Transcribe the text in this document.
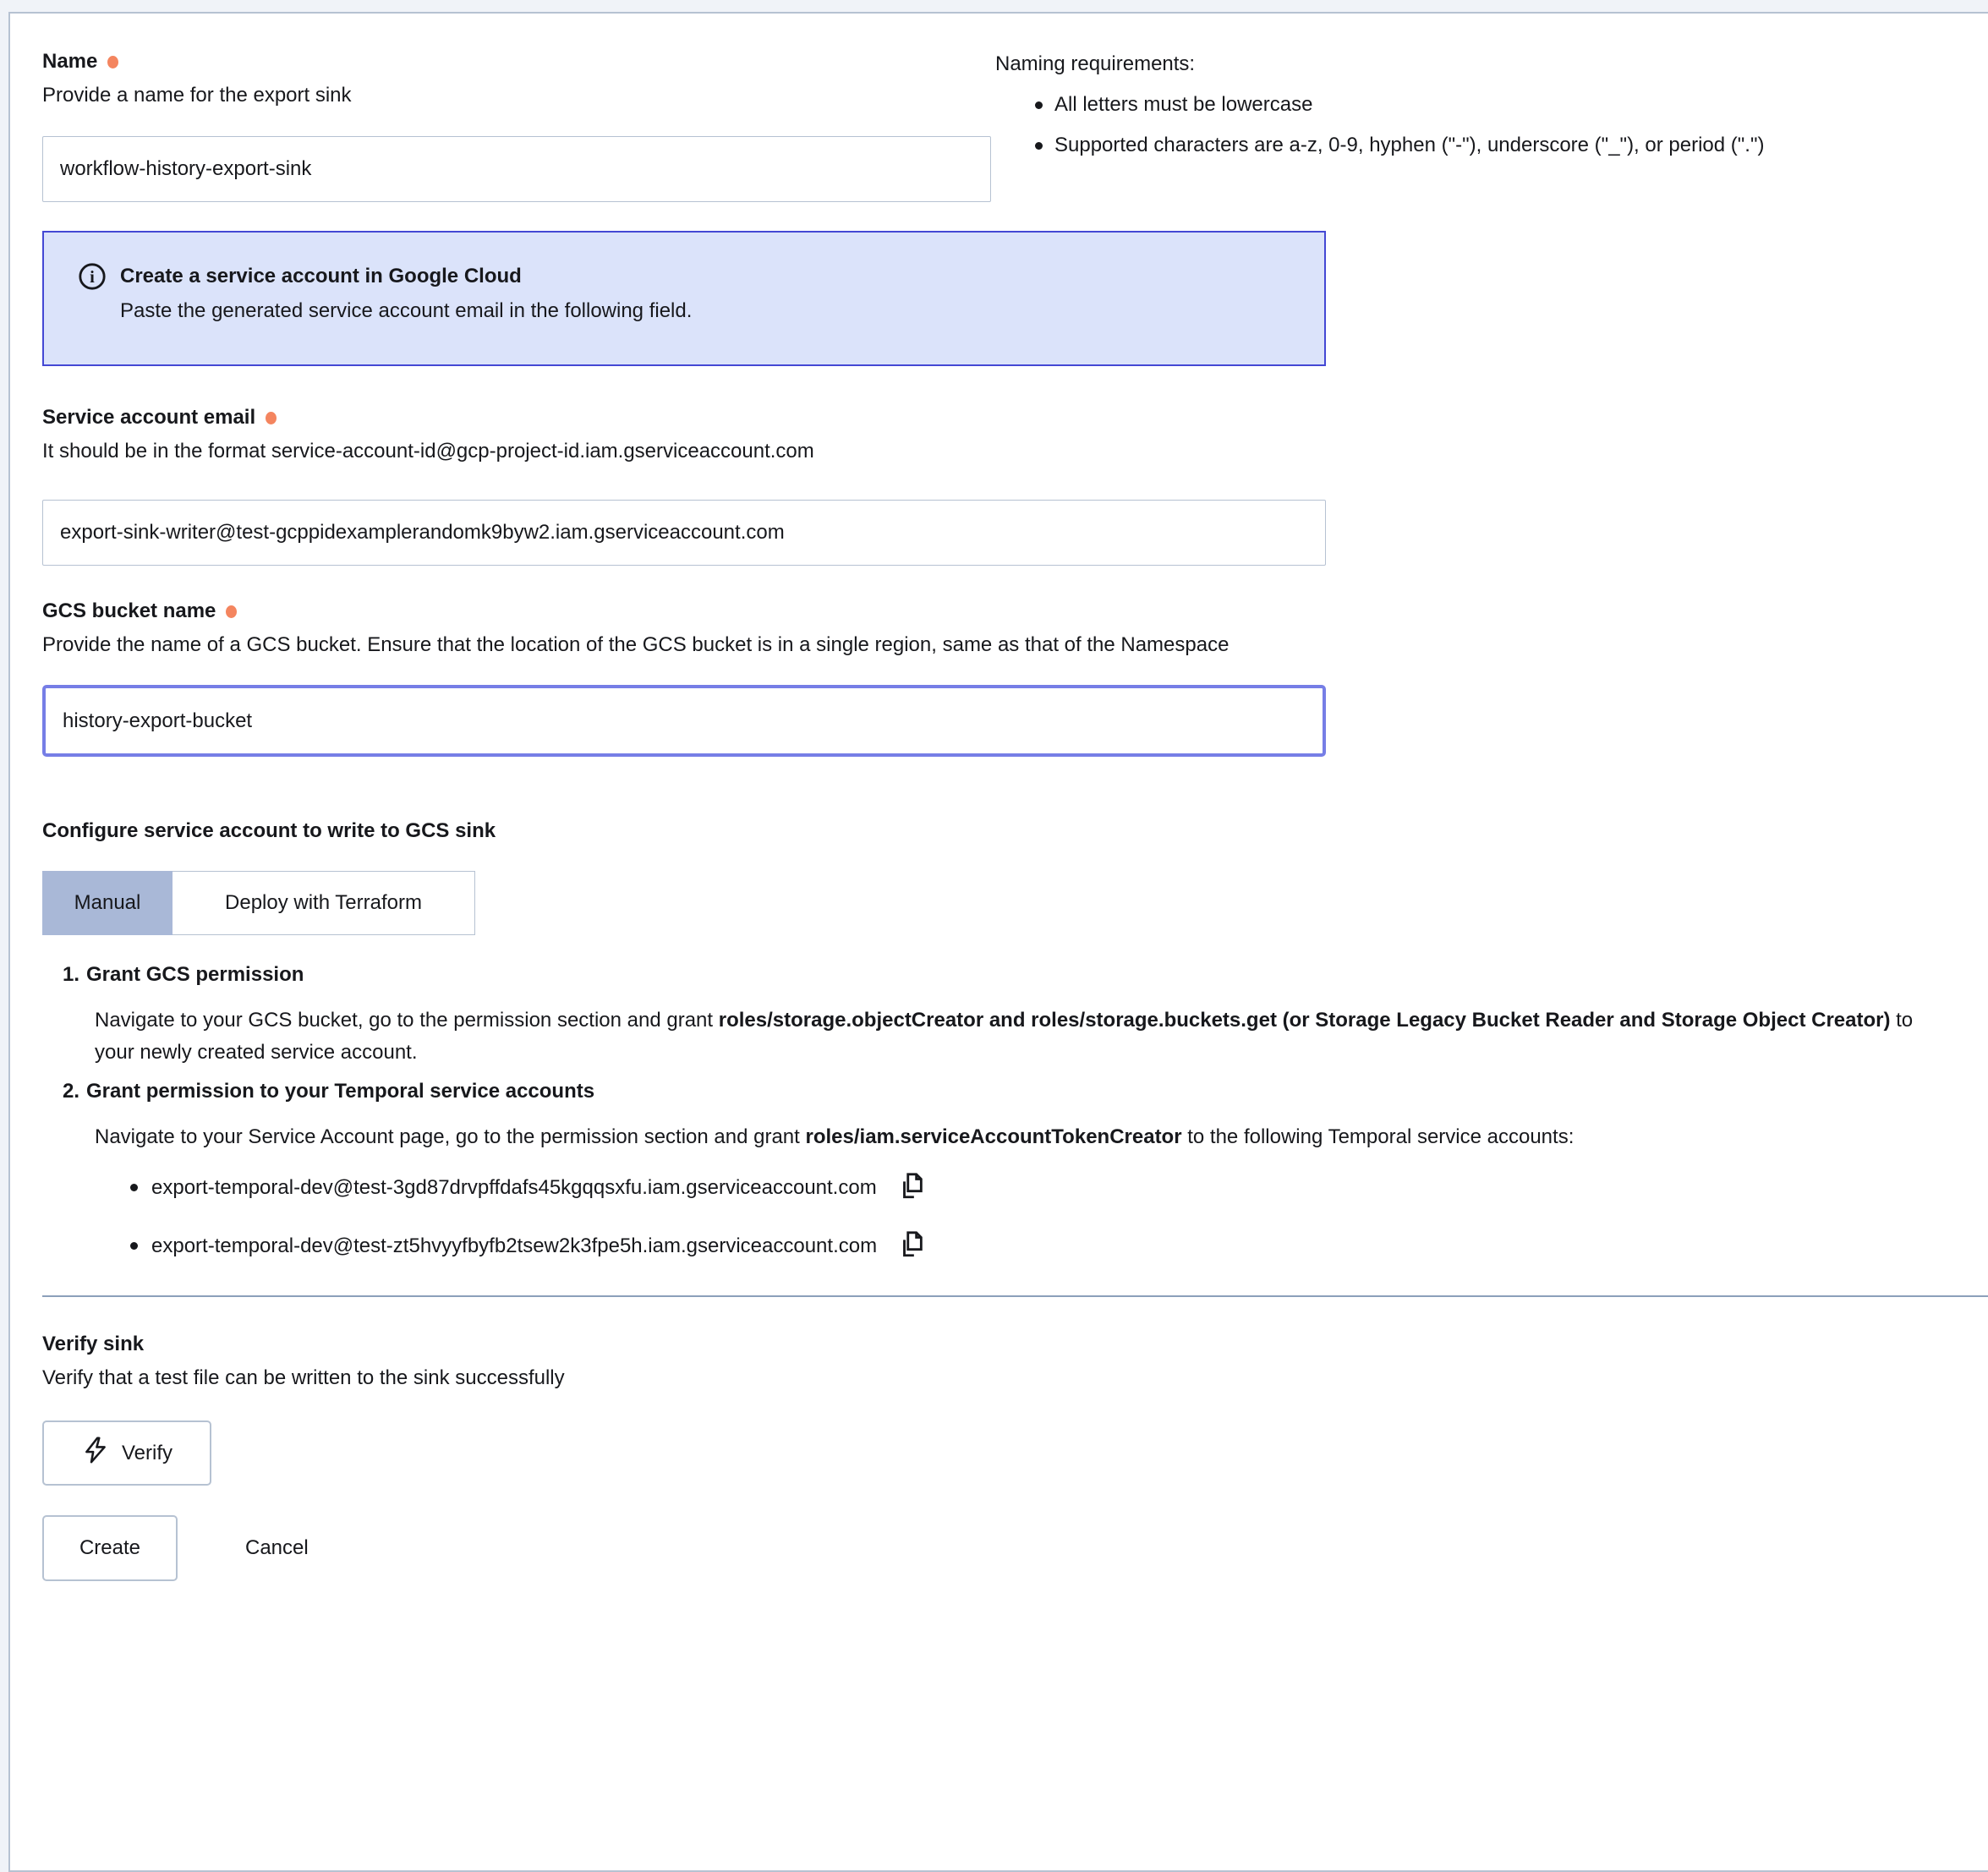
Name
Provide a name for the export sink
workflow-history-export-sink
Naming requirements:
All letters must be lowercase
Supported characters are a-z, 0-9, hyphen ("-"), underscore ("_"), or period (".")
i Create a service account in Google Cloud
Paste the generated service account email in the following field.
Service account email
It should be in the format service-account-id@gcp-project-id.iam.gserviceaccount.com
export-sink-writer@test-gcppidexamplerandomk9byw2.iam.gserviceaccount.com
GCS bucket name
Provide the name of a GCS bucket. Ensure that the location of the GCS bucket is in a single region, same as that of the Namespace
history-export-bucket
Configure service account to write to GCS sink
Manual	Deploy with Terraform
1. Grant GCS permission

Navigate to your GCS bucket, go to the permission section and grant roles/storage.objectCreator and roles/storage.buckets.get (or Storage Legacy Bucket Reader and Storage Object Creator) to your newly created service account.

2. Grant permission to your Temporal service accounts

Navigate to your Service Account page, go to the permission section and grant roles/iam.serviceAccountTokenCreator to the following Temporal service accounts:

export-temporal-dev@test-3gd87drvpffdafs45kgqqsxfu.iam.gserviceaccount.com
export-temporal-dev@test-zt5hvyyfbyfb2tsew2k3fpe5h.iam.gserviceaccount.com
Verify sink
Verify that a test file can be written to the sink successfully
Verify
Create	Cancel
